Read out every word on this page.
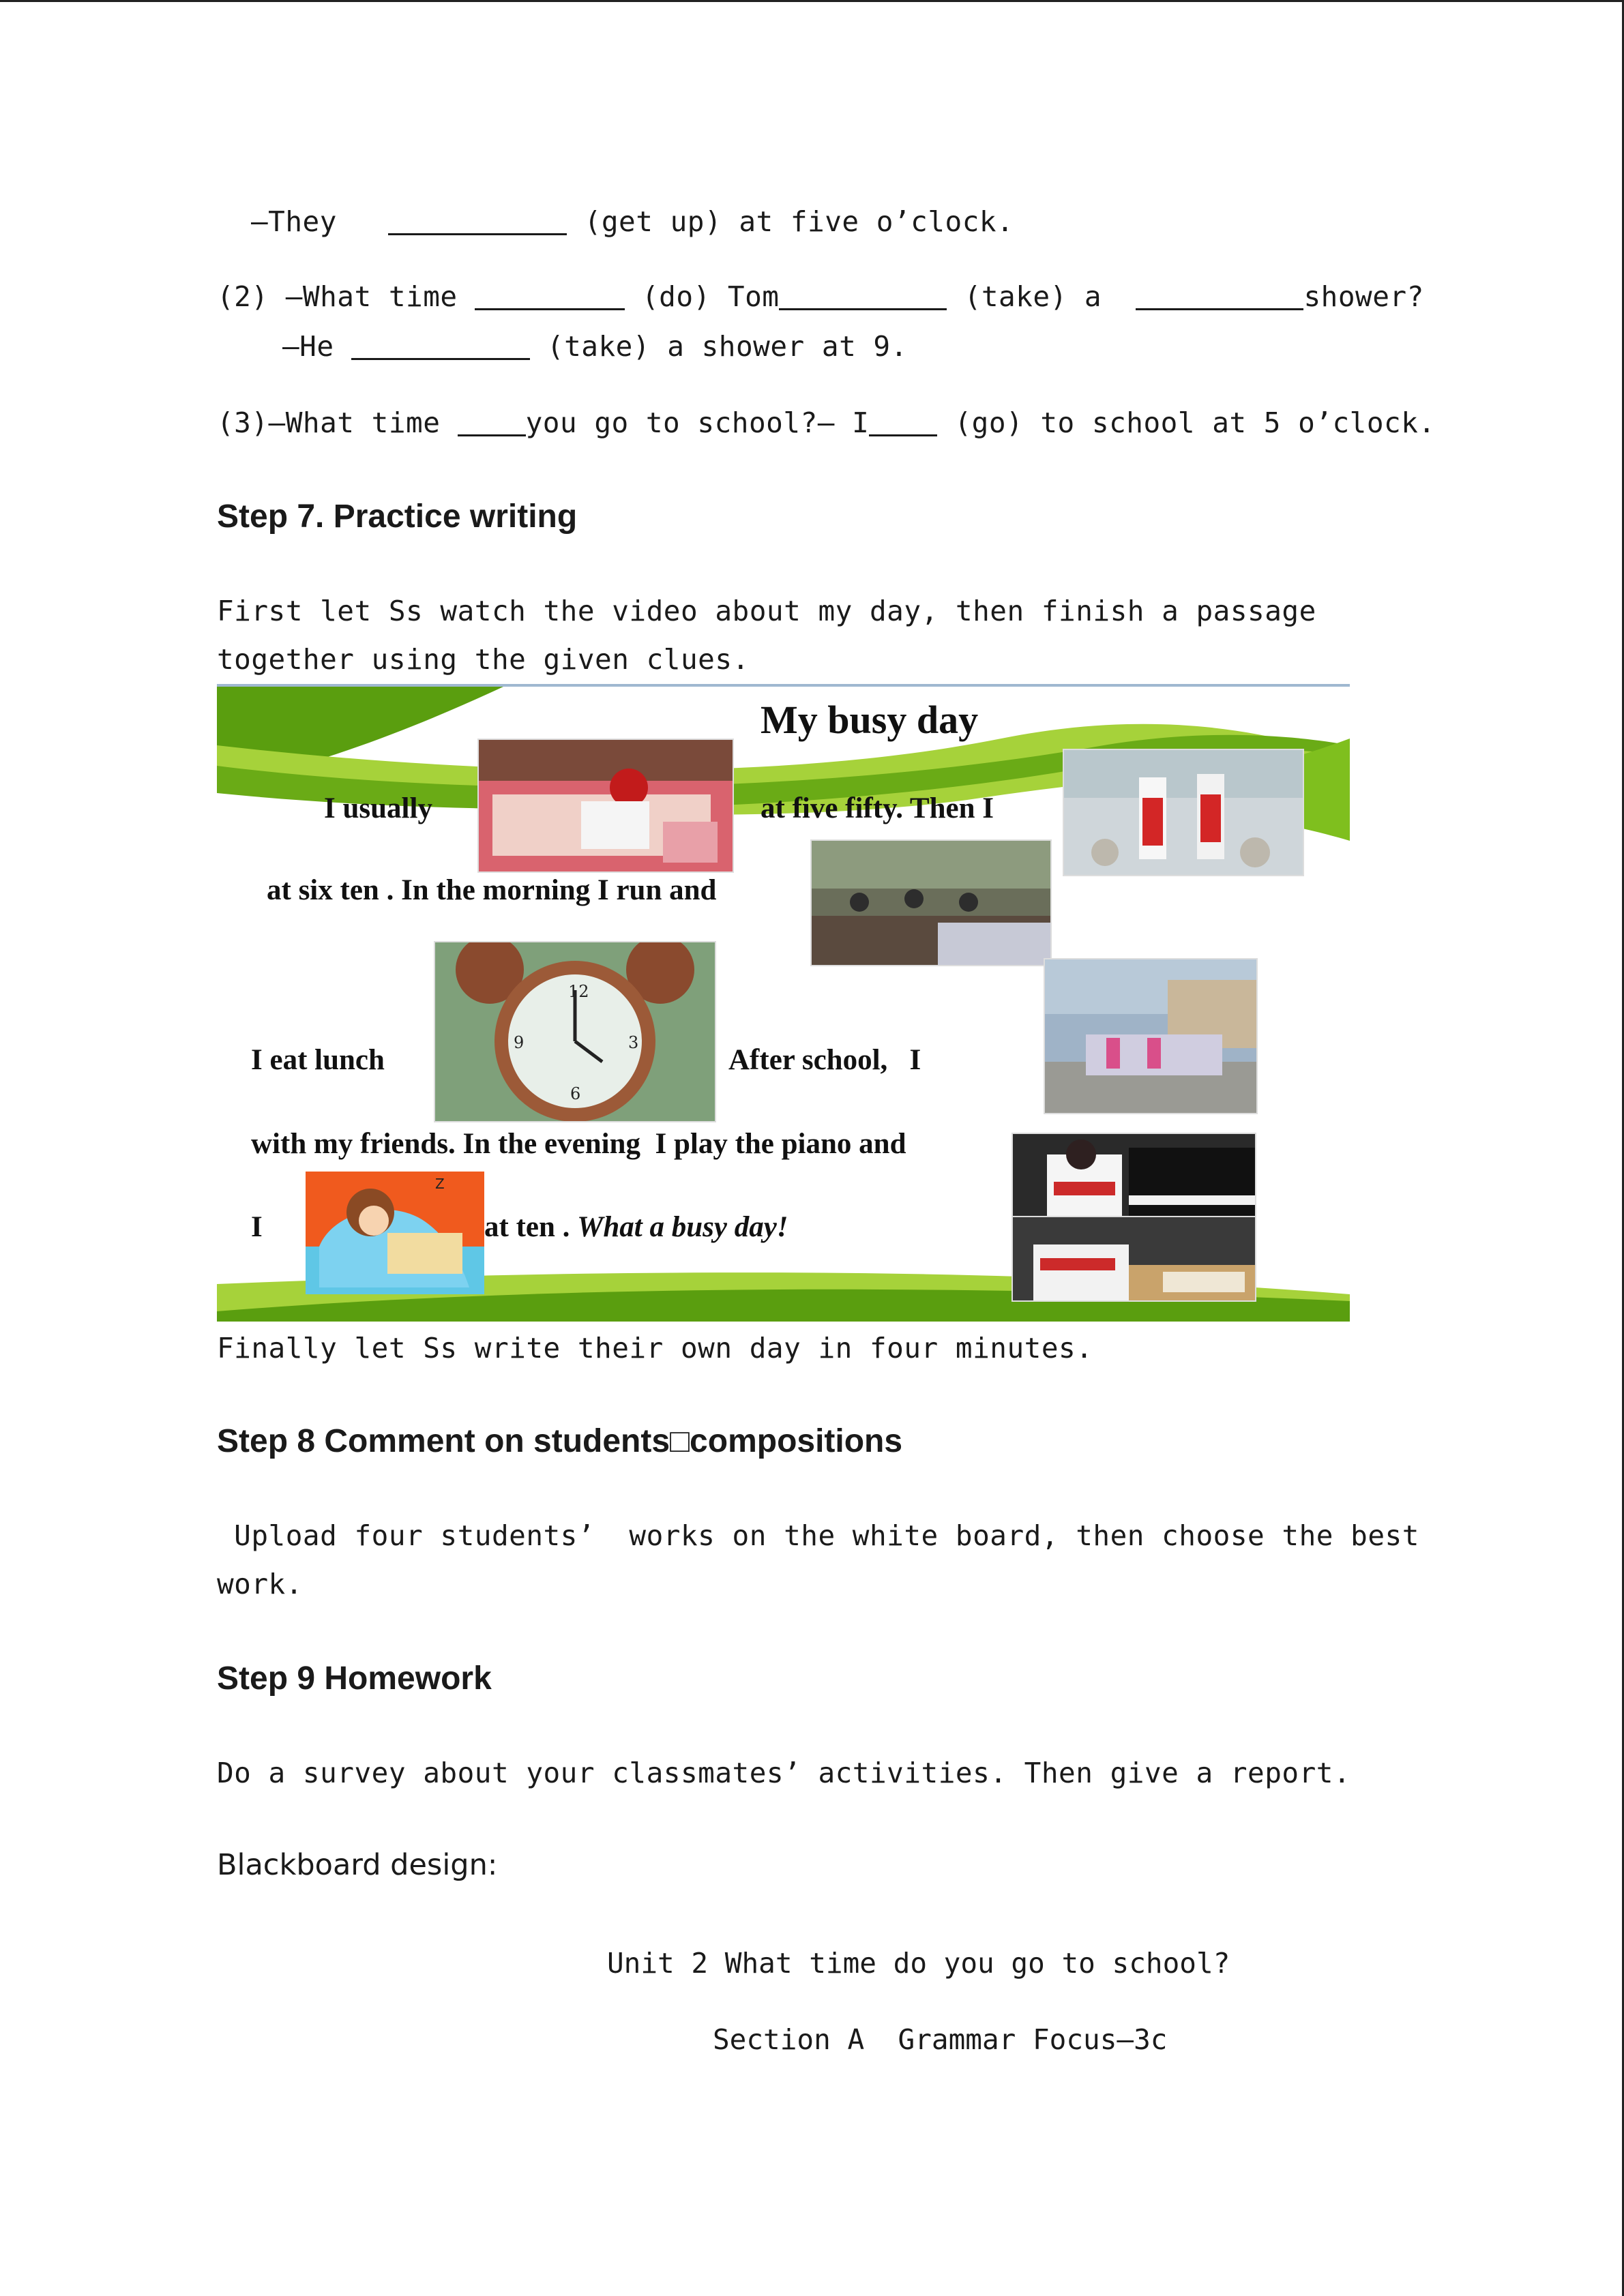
—They	(get up) at five o’clock.
(2) —What time	(do) Tom	(take) a	shower?
—He	(take) a shower at 9.
(3)—What time you go to school?— I (go) to school at 5 o’clock.
Step 7. Practice writing
First let Ss watch the video about my day, then finish a passage
together using the given clues.
My busy day
I usually	at five fifty. Then I
at six ten . In the morning I run and
I eat lunch	After school,   I
with my friends. In the evening  I play the piano and
I	at ten . What a busy day!
12
3
6
9
Z
Finally let Ss write their own day in four minutes.
Step 8 Comment on students□compositions
Upload four students’  works on the white board, then choose the best
work.
Step 9 Homework
Do a survey about your classmates’ activities. Then give a report.
Blackboard design:
Unit 2 What time do you go to school?
Section A  Grammar Focus—3c
